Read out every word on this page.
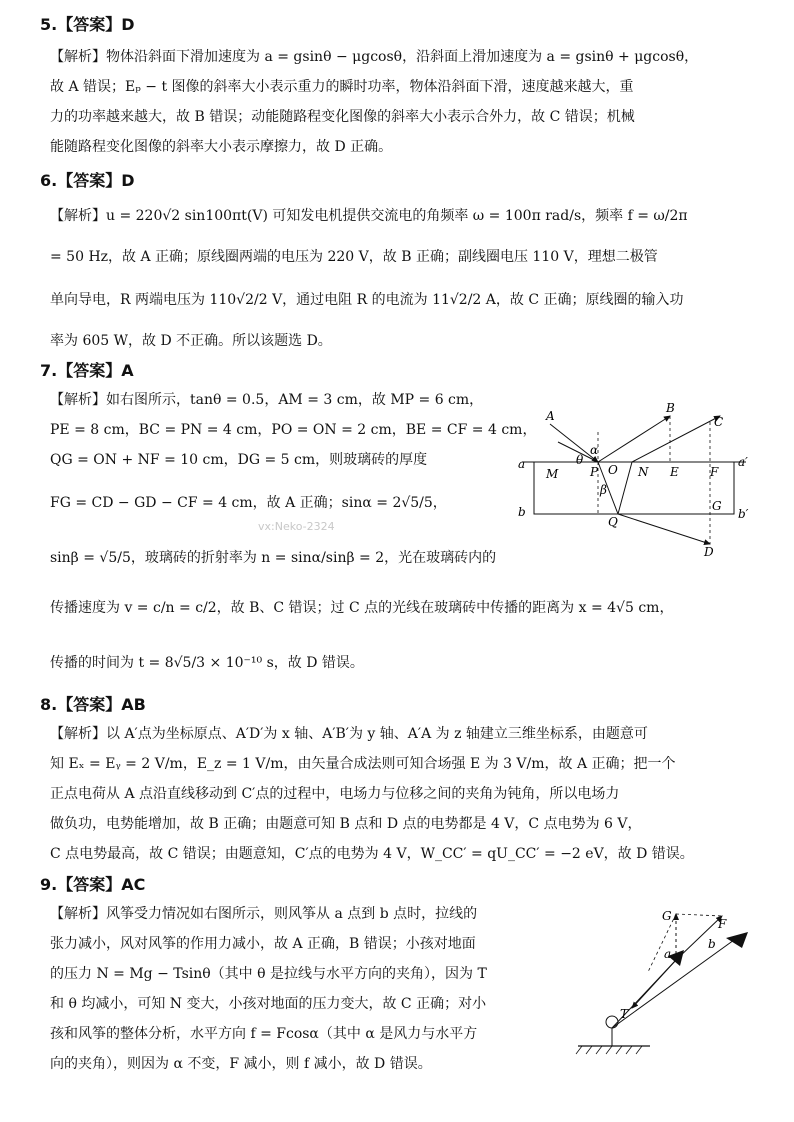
5.【答案】D
【解析】物体沿斜面下滑加速度为 a = gsinθ − μgcosθ，沿斜面上滑加速度为 a = gsinθ + μgcosθ，
故 A 错误；Eₚ − t 图像的斜率大小表示重力的瞬时功率，物体沿斜面下滑，速度越来越大，重
力的功率越来越大，故 B 错误；动能随路程变化图像的斜率大小表示合外力，故 C 错误；机械
能随路程变化图像的斜率大小表示摩擦力，故 D 正确。
6.【答案】D
【解析】u = 220√2 sin100πt(V) 可知发电机提供交流电的角频率 ω = 100π rad/s，频率 f = ω/2π
= 50 Hz，故 A 正确；原线圈两端的电压为 220 V，故 B 正确；副线圈电压 110 V，理想二极管
单向导电，R 两端电压为 110√2/2 V，通过电阻 R 的电流为 11√2/2 A，故 C 正确；原线圈的输入功
率为 605 W，故 D 不正确。所以该题选 D。
7.【答案】A
【解析】如右图所示，tanθ = 0.5，AM = 3 cm，故 MP = 6 cm，
PE = 8 cm，BC = PN = 4 cm，PO = ON = 2 cm，BE = CF = 4 cm，
QG = ON + NF = 10 cm，DG = 5 cm，则玻璃砖的厚度
FG = CD − GD − CF = 4 cm，故 A 正确；sinα = 2√5/5，
sinβ = √5/5，玻璃砖的折射率为 n = sinα/sinβ = 2，光在玻璃砖内的
传播速度为 v = c/n = c/2，故 B、C 错误；过 C 点的光线在玻璃砖中传播的距离为 x = 4√5 cm，
传播的时间为 t = 8√5/3 × 10⁻¹⁰ s，故 D 错误。
vx:Neko-2324
A
B
C
D
M	P O N E	F
G
Q
a	a′
b	b′
θ
α
β
8.【答案】AB
【解析】以 A′点为坐标原点、A′D′为 x 轴、A′B′为 y 轴、A′A 为 z 轴建立三维坐标系，由题意可
知 Eₓ = Eᵧ = 2 V/m，E_z = 1 V/m，由矢量合成法则可知合场强 E 为 3 V/m，故 A 正确；把一个
正点电荷从 A 点沿直线移动到 C′点的过程中，电场力与位移之间的夹角为钝角，所以电场力
做负功，电势能增加，故 B 正确；由题意可知 B 点和 D 点的电势都是 4 V，C 点电势为 6 V，
C 点电势最高，故 C 错误；由题意知，C′点的电势为 4 V，W_CC′ = qU_CC′ = −2 eV，故 D 错误。
9.【答案】AC
【解析】风筝受力情况如右图所示，则风筝从 a 点到 b 点时，拉线的
张力减小，风对风筝的作用力减小，故 A 正确，B 错误；小孩对地面
的压力 N = Mg − Tsinθ（其中 θ 是拉线与水平方向的夹角），因为 T
和 θ 均减小，可知 N 变大，小孩对地面的压力变大，故 C 正确；对小
孩和风筝的整体分析，水平方向 f = Fcosα（其中 α 是风力与水平方
向的夹角），则因为 α 不变，F 减小，则 f 减小，故 D 错误。
G
F
a
b
T
